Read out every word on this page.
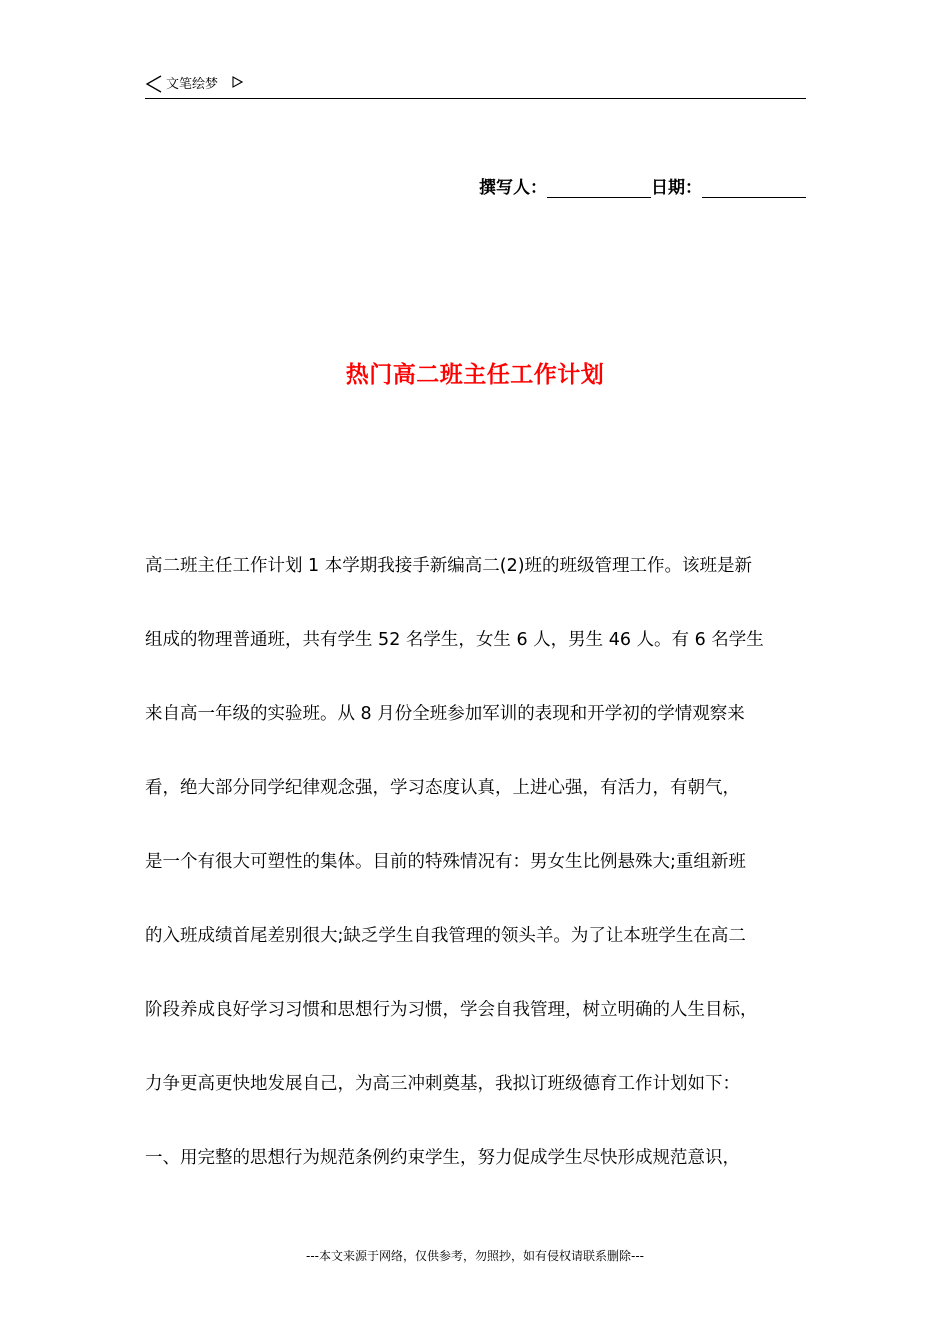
文笔绘梦
撰写人：	日期：
热门高二班主任工作计划
高二班主任工作计划 1 本学期我接手新编高二(2)班的班级管理工作。该班是新
组成的物理普通班，共有学生 52 名学生，女生 6 人，男生 46 人。有 6 名学生
来自高一年级的实验班。从 8 月份全班参加军训的表现和开学初的学情观察来
看，绝大部分同学纪律观念强，学习态度认真，上进心强，有活力，有朝气，
是一个有很大可塑性的集体。目前的特殊情况有：男女生比例悬殊大;重组新班
的入班成绩首尾差别很大;缺乏学生自我管理的领头羊。为了让本班学生在高二
阶段养成良好学习习惯和思想行为习惯，学会自我管理，树立明确的人生目标，
力争更高更快地发展自己，为高三冲刺奠基，我拟订班级德育工作计划如下：
一、用完整的思想行为规范条例约束学生，努力促成学生尽快形成规范意识，
---本文来源于网络，仅供参考，勿照抄，如有侵权请联系删除---
